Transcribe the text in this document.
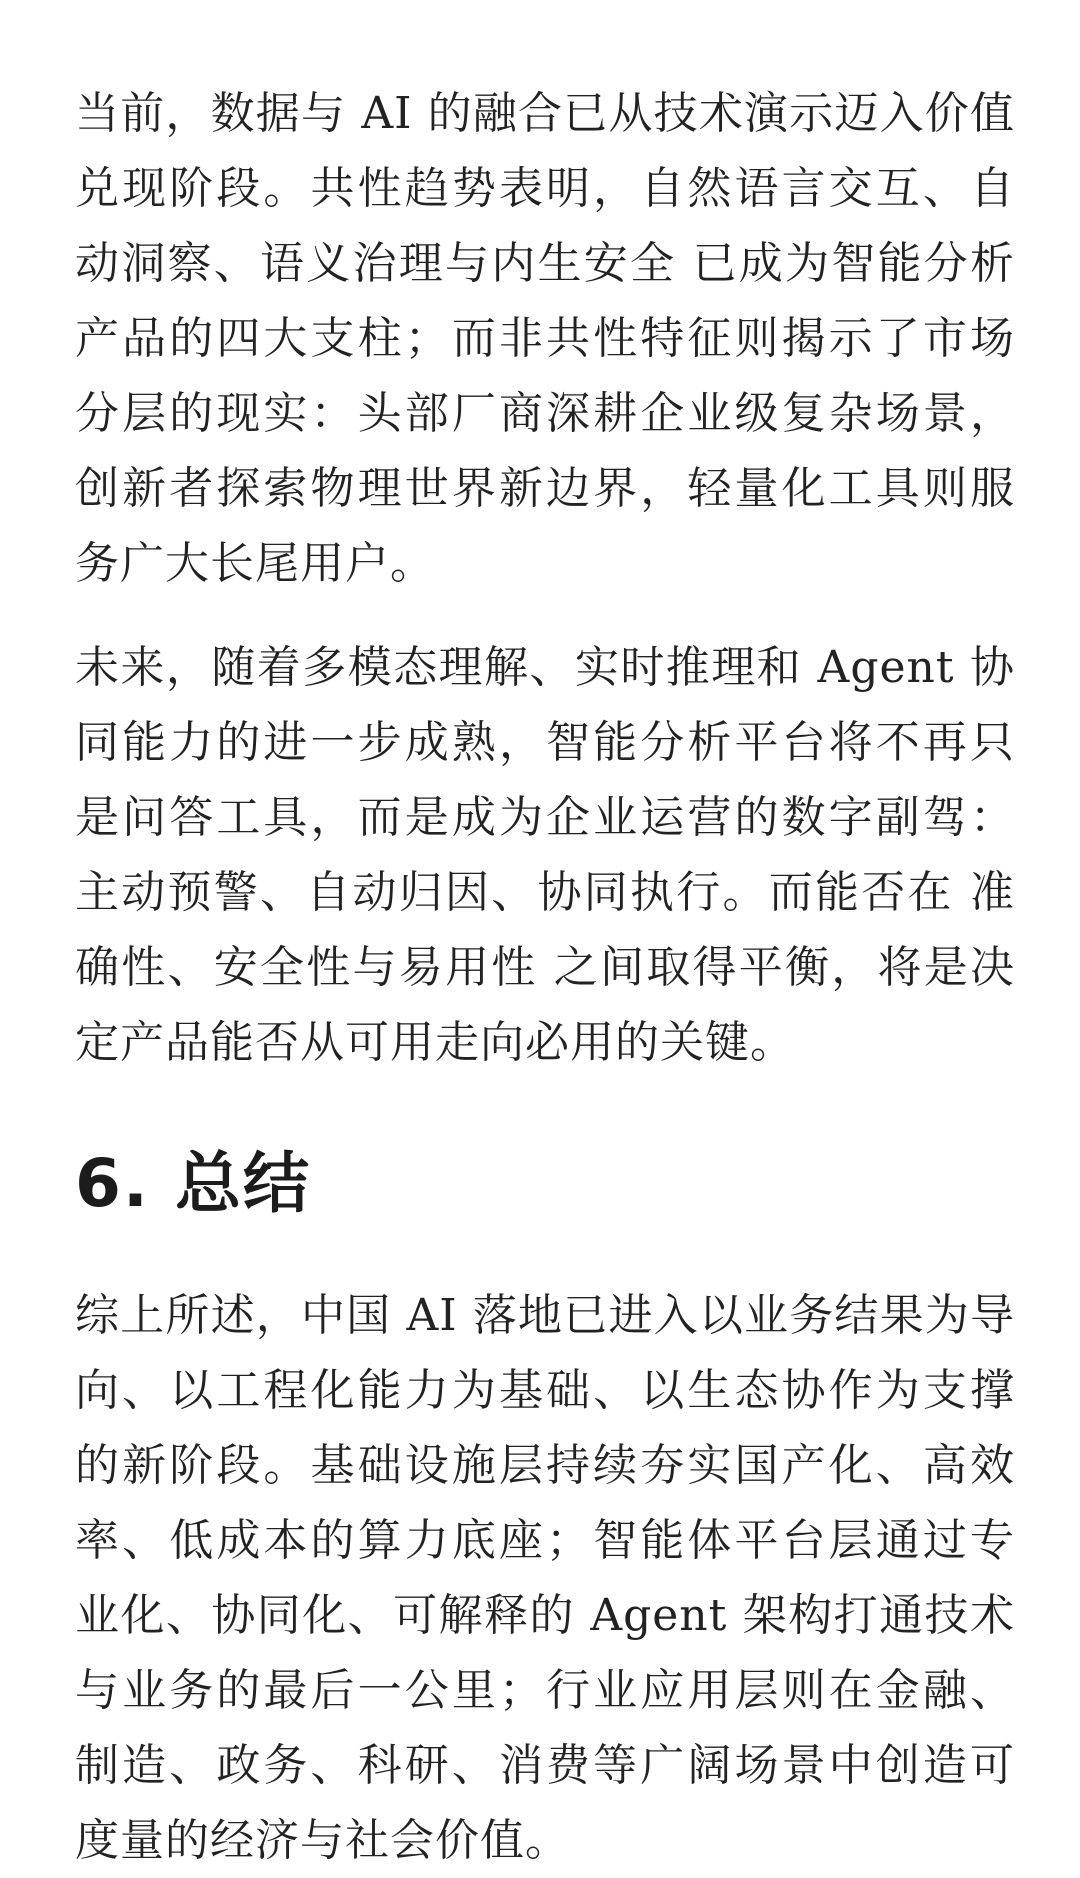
当前，数据与 AI 的融合已从技术演示迈入价值兑现阶段。共性趋势表明，自然语言交互、自动洞察、语义治理与内生安全 已成为智能分析产品的四大支柱；而非共性特征则揭示了市场分层的现实：头部厂商深耕企业级复杂场景，创新者探索物理世界新边界，轻量化工具则服务广大长尾用户。

未来，随着多模态理解、实时推理和 Agent 协同能力的进一步成熟，智能分析平台将不再只是问答工具，而是成为企业运营的数字副驾：主动预警、自动归因、协同执行。而能否在 准确性、安全性与易用性 之间取得平衡，将是决定产品能否从可用走向必用的关键。

6. 总结

综上所述，中国 AI 落地已进入以业务结果为导向、以工程化能力为基础、以生态协作为支撑的新阶段。基础设施层持续夯实国产化、高效率、低成本的算力底座；智能体平台层通过专业化、协同化、可解释的 Agent 架构打通技术与业务的最后一公里；行业应用层则在金融、制造、政务、科研、消费等广阔场景中创造可度量的经济与社会价值。
